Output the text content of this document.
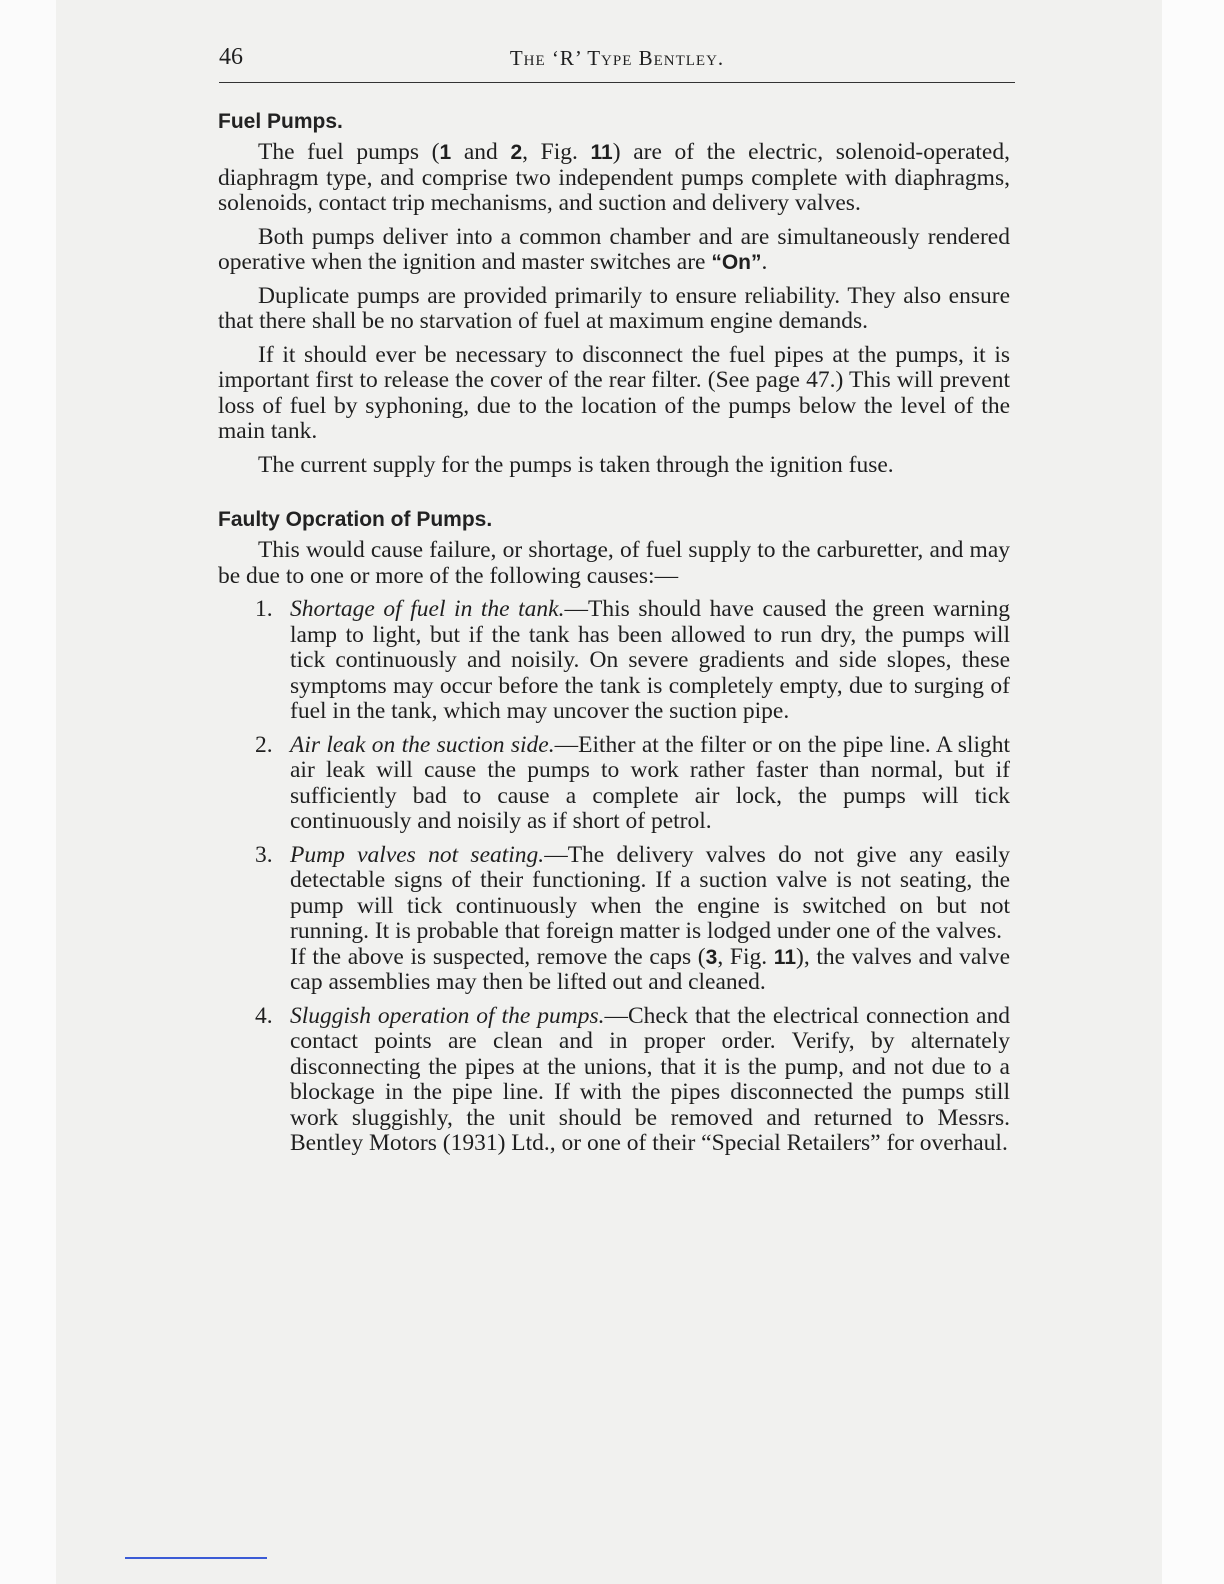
46	The ‘R’ Type Bentley.
Fuel Pumps.

The fuel pumps (1 and 2, Fig. 11) are of the electric, solenoid-operated, diaphragm type, and comprise two independent pumps complete with diaphragms, solenoids, contact trip mechanisms, and suction and delivery valves.

Both pumps deliver into a common chamber and are simultaneously rendered operative when the ignition and master switches are “On”.

Duplicate pumps are provided primarily to ensure reliability. They also ensure that there shall be no starvation of fuel at maximum engine demands.

If it should ever be necessary to disconnect the fuel pipes at the pumps, it is important first to release the cover of the rear filter. (See page 47.) This will prevent loss of fuel by syphoning, due to the location of the pumps below the level of the main tank.

The current supply for the pumps is taken through the ignition fuse.

Faulty Opcration of Pumps.

This would cause failure, or shortage, of fuel supply to the carburetter, and may be due to one or more of the following causes:—

1. Shortage of fuel in the tank.—This should have caused the green warning lamp to light, but if the tank has been allowed to run dry, the pumps will tick continuously and noisily. On severe gradients and side slopes, these symptoms may occur before the tank is completely empty, due to surging of fuel in the tank, which may uncover the suction pipe.
2. Air leak on the suction side.—Either at the filter or on the pipe line. A slight air leak will cause the pumps to work rather faster than normal, but if sufficiently bad to cause a complete air lock, the pumps will tick continuously and noisily as if short of petrol.
3. Pump valves not seating.—The delivery valves do not give any easily detectable signs of their functioning. If a suction valve is not seating, the pump will tick continuously when the engine is switched on but not running. It is probable that foreign matter is lodged under one of the valves.
If the above is suspected, remove the caps (3, Fig. 11), the valves and valve cap assemblies may then be lifted out and cleaned.
4. Sluggish operation of the pumps.—Check that the electrical connection and contact points are clean and in proper order. Verify, by alternately disconnecting the pipes at the unions, that it is the pump, and not due to a blockage in the pipe line. If with the pipes disconnected the pumps still work sluggishly, the unit should be removed and returned to Messrs. Bentley Motors (1931) Ltd., or one of their “Special Retailers” for overhaul.
